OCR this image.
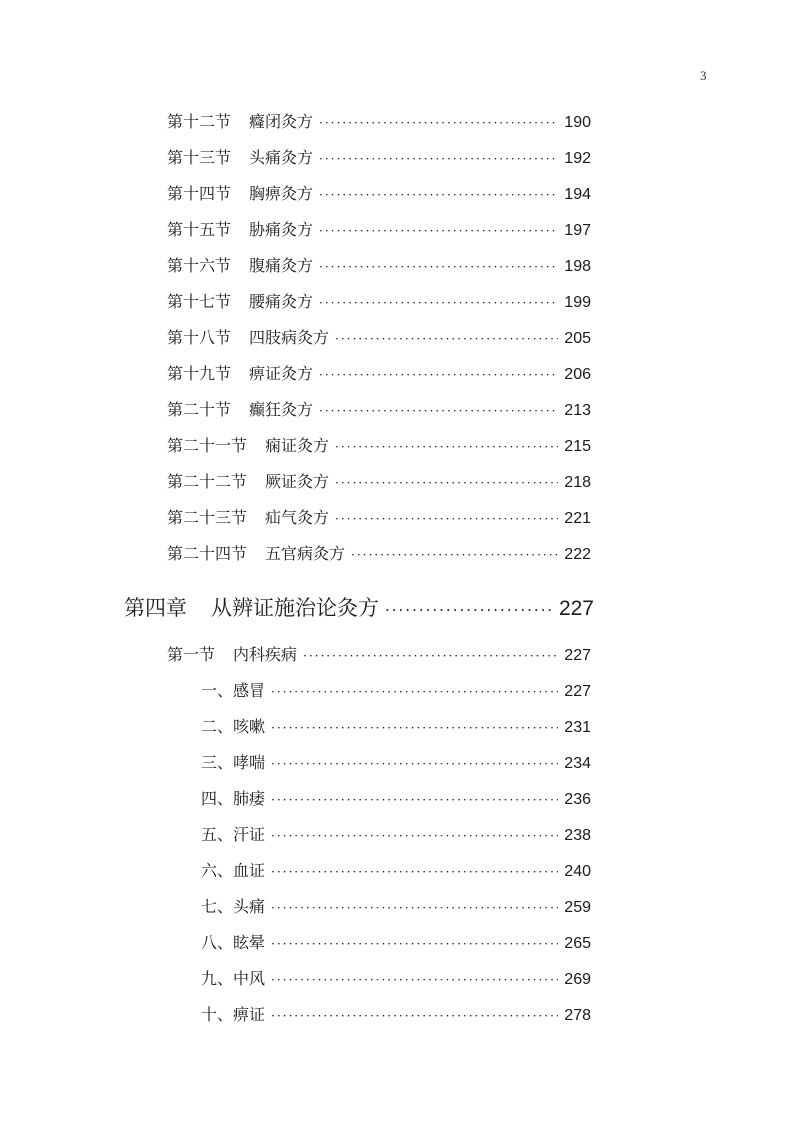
3
第十二节 癃闭灸方 ·····	190
第十三节 头痛灸方 ·····	192
第十四节 胸痹灸方 ·····	194
第十五节 胁痛灸方 ·····	197
第十六节 腹痛灸方 ·····	198
第十七节 腰痛灸方 ·····	199
第十八节 四肢病灸方 ·····	205
第十九节 痹证灸方 ·····	206
第二十节 癫狂灸方 ·····	213
第二十一节 痫证灸方 ·····	215
第二十二节 厥证灸方 ·····	218
第二十三节 疝气灸方 ·····	221
第二十四节 五官病灸方 ·····	222
第四章 从辨证施治论灸方 ·····	227
第一节 内科疾病 ·····	227
一、感冒 ·····	227
二、咳嗽 ·····	231
三、哮喘 ·····	234
四、肺痿 ·····	236
五、汗证 ·····	238
六、血证 ·····	240
七、头痛 ·····	259
八、眩晕 ·····	265
九、中风 ·····	269
十、痹证 ·····	278
